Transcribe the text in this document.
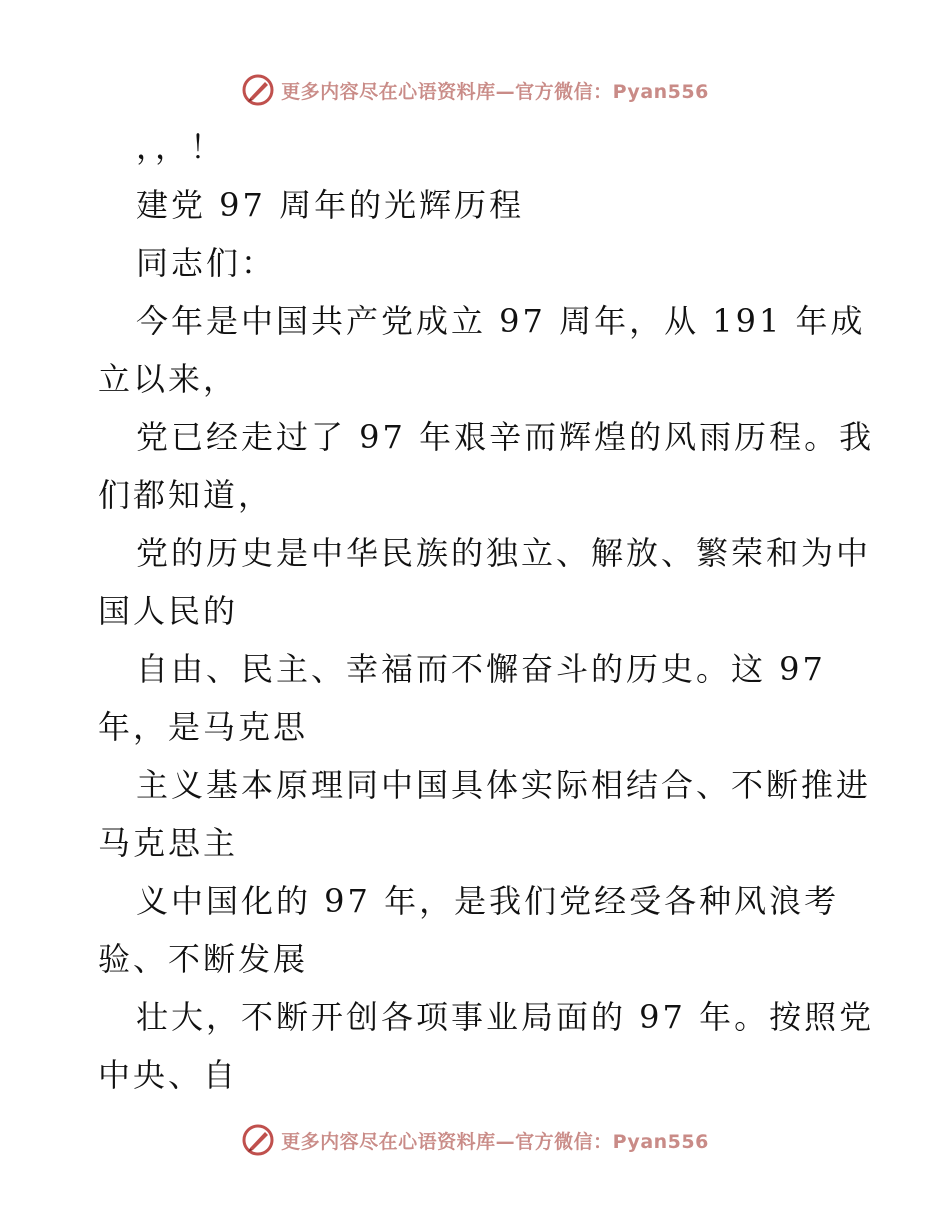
更多内容尽在心语资料库—官方微信：Pyan556
，，！
建党 97 周年的光辉历程
同志们：
今年是中国共产党成立 97 周年，从 191 年成
立以来，
党已经走过了 97 年艰辛而辉煌的风雨历程。我
们都知道，
党的历史是中华民族的独立、解放、繁荣和为中
国人民的
自由、民主、幸福而不懈奋斗的历史。这 97
年，是马克思
主义基本原理同中国具体实际相结合、不断推进
马克思主
义中国化的 97 年，是我们党经受各种风浪考
验、不断发展
壮大，不断开创各项事业局面的 97 年。按照党
中央、自
更多内容尽在心语资料库—官方微信：Pyan556
